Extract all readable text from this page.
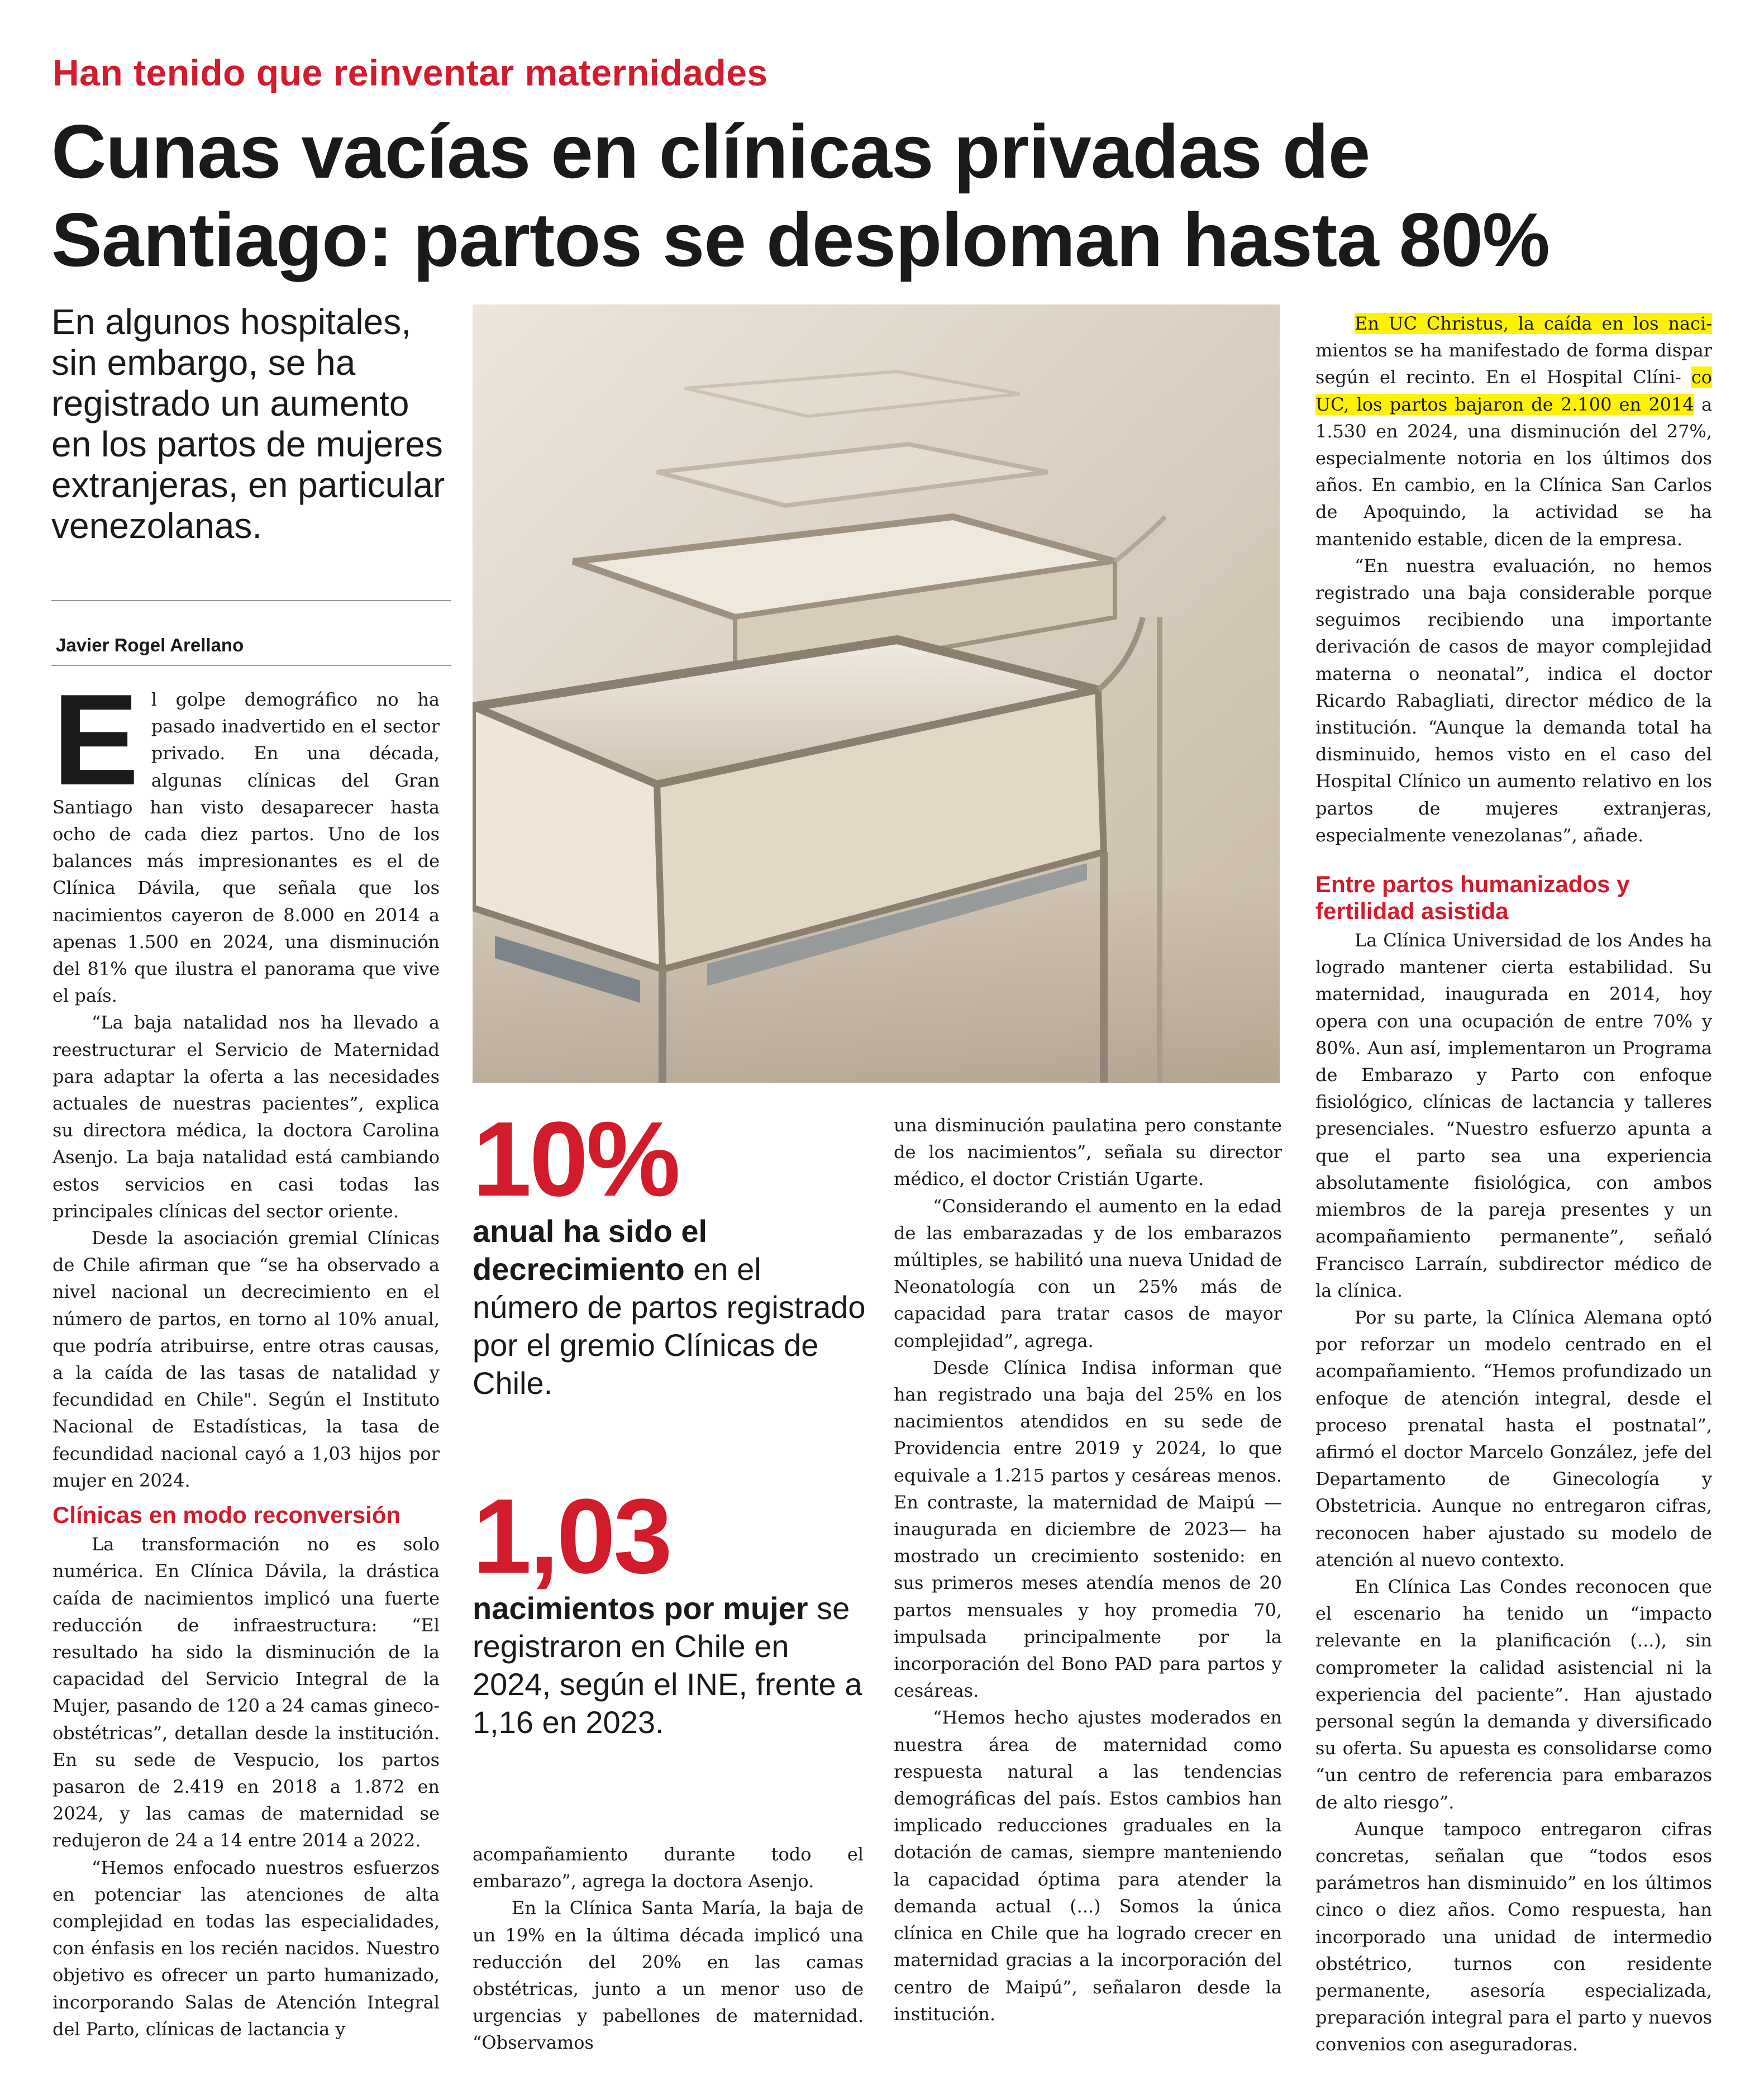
Han tenido que reinventar maternidades
Cunas vacías en clínicas privadas de Santiago: partos se desploman hasta 80%
En algunos hospitales, sin embargo, se ha registrado un aumento en los partos de mujeres extranjeras, en particular venezolanas.
Javier Rogel Arellano
E l golpe demográfico no ha pasado inadvertido en el sector privado. En una década, algunas clínicas del Gran Santiago han visto desaparecer hasta ocho de cada diez partos. Uno de los balances más impresionantes es el de Clínica Dávila, que señala que los nacimientos cayeron de 8.000 en 2014 a apenas 1.500 en 2024, una disminución del 81% que ilustra el panorama que vive el país.

“La baja natalidad nos ha llevado a reestructurar el Servicio de Maternidad para adaptar la oferta a las necesidades actuales de nuestras pacientes”, explica su directora médica, la doctora Carolina Asenjo. La baja natalidad está cambiando estos servicios en casi todas las principales clínicas del sector oriente.

Desde la asociación gremial Clínicas de Chile afirman que “se ha observado a nivel nacional un decrecimiento en el número de partos, en torno al 10% anual, que podría atribuirse, entre otras causas, a la caída de las tasas de natalidad y fecundidad en Chile". Según el Instituto Nacional de Estadísticas, la tasa de fecundidad nacional cayó a 1,03 hijos por mujer en 2024.

Clínicas en modo reconversión

La transformación no es solo numérica. En Clínica Dávila, la drástica caída de nacimientos implicó una fuerte reducción de infraestructura: “El resultado ha sido la disminución de la capacidad del Servicio Integral de la Mujer, pasando de 120 a 24 camas gineco-obstétricas”, detallan desde la institución. En su sede de Vespucio, los partos pasaron de 2.419 en 2018 a 1.872 en 2024, y las camas de maternidad se redujeron de 24 a 14 entre 2014 a 2022.

“Hemos enfocado nuestros esfuerzos en potenciar las atenciones de alta complejidad en todas las especialidades, con énfasis en los recién nacidos. Nuestro objetivo es ofrecer un parto humanizado, incorporando Salas de Atención Integral del Parto, clínicas de lactancia y

10%
anual ha sido el decrecimiento en el número de partos registrado por el gremio Clínicas de Chile.
1,03
nacimientos por mujer se registraron en Chile en 2024, según el INE, frente a 1,16 en 2023.

acompañamiento durante todo el embarazo”, agrega la doctora Asenjo.

En la Clínica Santa María, la baja de un 19% en la última década implicó una reducción del 20% en las camas obstétricas, junto a un menor uso de urgencias y pabellones de maternidad. “Observamos

una disminución paulatina pero constante de los nacimientos”, señala su director médico, el doctor Cristián Ugarte.

“Considerando el aumento en la edad de las embarazadas y de los embarazos múltiples, se habilitó una nueva Unidad de Neonatología con un 25% más de capacidad para tratar casos de mayor complejidad”, agrega.

Desde Clínica Indisa informan que han registrado una baja del 25% en los nacimientos atendidos en su sede de Providencia entre 2019 y 2024, lo que equivale a 1.215 partos y cesáreas menos. En contraste, la maternidad de Maipú —inaugurada en diciembre de 2023— ha mostrado un crecimiento sostenido: en sus primeros meses atendía menos de 20 partos mensuales y hoy promedia 70, impulsada principalmente por la incorporación del Bono PAD para partos y cesáreas.

“Hemos hecho ajustes moderados en nuestra área de maternidad como respuesta natural a las tendencias demográficas del país. Estos cambios han implicado reducciones graduales en la dotación de camas, siempre manteniendo la capacidad óptima para atender la demanda actual (...) Somos la única clínica en Chile que ha logrado crecer en maternidad gracias a la incorporación del centro de Maipú”, señalaron desde la institución.

En UC Christus, la caída en los naci- mientos se ha manifestado de forma dispar según el recinto. En el Hospital Clíni- co UC, los partos bajaron de 2.100 en 2014 a 1.530 en 2024, una disminución del 27%, especialmente notoria en los últimos dos años. En cambio, en la Clínica San Carlos de Apoquindo, la actividad se ha mantenido estable, dicen de la empresa.

“En nuestra evaluación, no hemos registrado una baja considerable porque seguimos recibiendo una importante derivación de casos de mayor complejidad materna o neonatal”, indica el doctor Ricardo Rabagliati, director médico de la institución. “Aunque la demanda total ha disminuido, hemos visto en el caso del Hospital Clínico un aumento relativo en los partos de mujeres extranjeras, especialmente venezolanas”, añade.

Entre partos humanizados y fertilidad asistida

La Clínica Universidad de los Andes ha logrado mantener cierta estabilidad. Su maternidad, inaugurada en 2014, hoy opera con una ocupación de entre 70% y 80%. Aun así, implementaron un Programa de Embarazo y Parto con enfoque fisiológico, clínicas de lactancia y talleres presenciales. “Nuestro esfuerzo apunta a que el parto sea una experiencia absolutamente fisiológica, con ambos miembros de la pareja presentes y un acompañamiento permanente”, señaló Francisco Larraín, subdirector médico de la clínica.

Por su parte, la Clínica Alemana optó por reforzar un modelo centrado en el acompañamiento. “Hemos profundizado un enfoque de atención integral, desde el proceso prenatal hasta el postnatal”, afirmó el doctor Marcelo González, jefe del Departamento de Ginecología y Obstetricia. Aunque no entregaron cifras, reconocen haber ajustado su modelo de atención al nuevo contexto.

En Clínica Las Condes reconocen que el escenario ha tenido un “impacto relevante en la planificación (...), sin comprometer la calidad asistencial ni la experiencia del paciente”. Han ajustado personal según la demanda y diversificado su oferta. Su apuesta es consolidarse como “un centro de referencia para embarazos de alto riesgo”.

Aunque tampoco entregaron cifras concretas, señalan que “todos esos parámetros han disminuido” en los últimos cinco o diez años. Como respuesta, han incorporado una unidad de intermedio obstétrico, turnos con residente permanente, asesoría especializada, preparación integral para el parto y nuevos convenios con aseguradoras.
